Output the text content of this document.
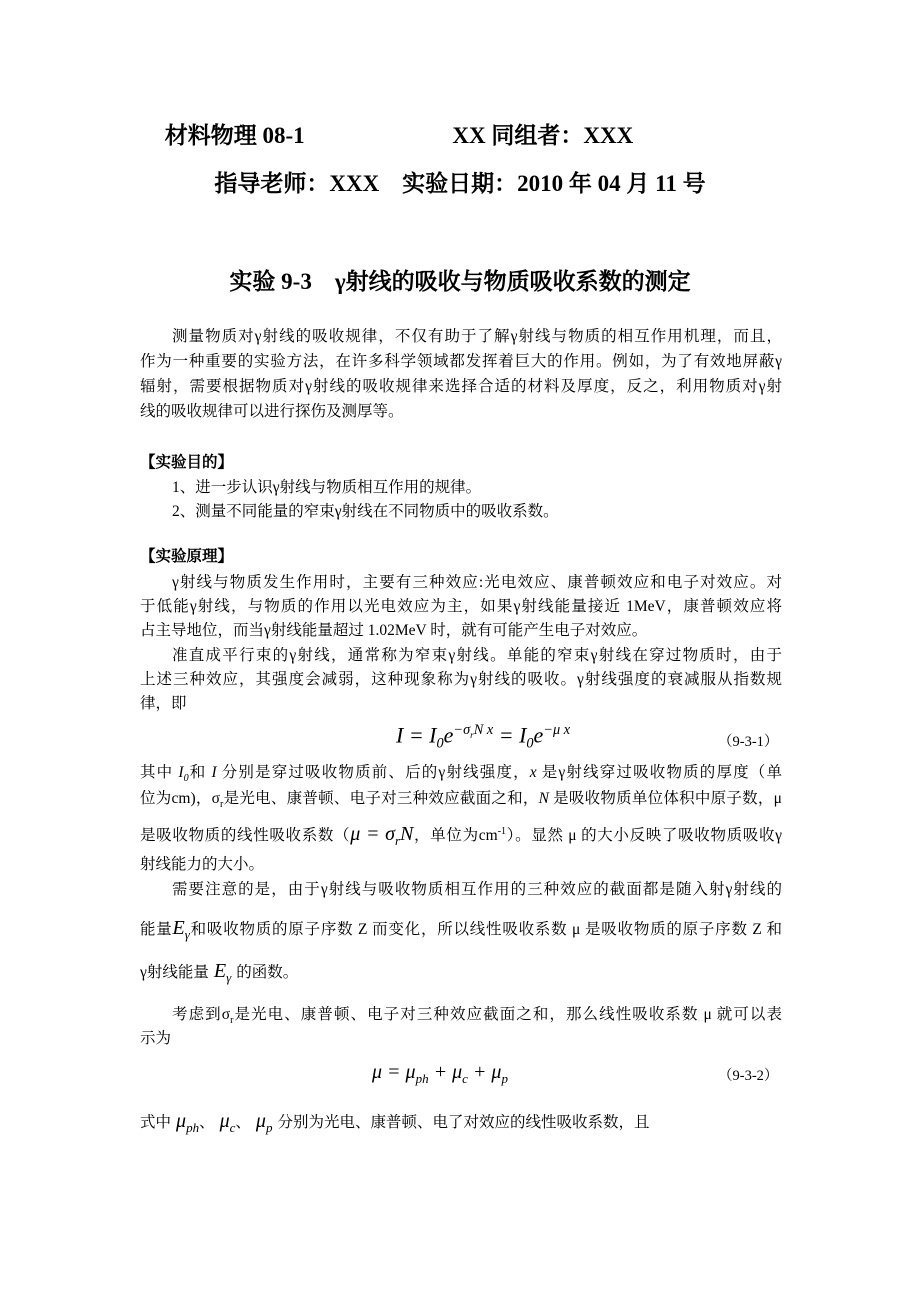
材料物理 08-1	XX 同组者：XXX
指导老师：XXX　实验日期：2010 年 04 月 11 号
实验 9-3　γ射线的吸收与物质吸收系数的测定
测量物质对γ射线的吸收规律，不仅有助于了解γ射线与物质的相互作用机理，而且，
作为一种重要的实验方法，在许多科学领域都发挥着巨大的作用。例如，为了有效地屏蔽γ
辐射，需要根据物质对γ射线的吸收规律来选择合适的材料及厚度，反之，利用物质对γ射
线的吸收规律可以进行探伤及测厚等。
【实验目的】
1、进一步认识γ射线与物质相互作用的规律。
2、测量不同能量的窄束γ射线在不同物质中的吸收系数。
【实验原理】
γ射线与物质发生作用时，主要有三种效应:光电效应、康普顿效应和电子对效应。对
于低能γ射线，与物质的作用以光电效应为主，如果γ射线能量接近 1MeV，康普顿效应将
占主导地位，而当γ射线能量超过 1.02MeV 时，就有可能产生电子对效应。
准直成平行束的γ射线，通常称为窄束γ射线。单能的窄束γ射线在穿过物质时，由于
上述三种效应，其强度会减弱，这种现象称为γ射线的吸收。γ射线强度的衰减服从指数规
律，即
$I = I_0e^{-\sigma_rN x} = I_0e^{-\mu x}$
（9-3-1）
其中 $I_0$和 I 分别是穿过吸收物质前、后的γ射线强度，x 是γ射线穿过吸收物质的厚度（单
位为cm)，$\sigma_r$是光电、康普顿、电子对三种效应截面之和，N 是吸收物质单位体积中原子数，μ
是吸收物质的线性吸收系数（$\mu = \sigma_rN$，单位为$cm^{-1}$）。显然 μ 的大小反映了吸收物质吸收γ
射线能力的大小。
需要注意的是，由于γ射线与吸收物质相互作用的三种效应的截面都是随入射γ射线的
能量$E_\gamma$和吸收物质的原子序数 Z 而变化，所以线性吸收系数 μ 是吸收物质的原子序数 Z 和
γ射线能量 $E_\gamma$ 的函数。
考虑到$\sigma_r$是光电、康普顿、电子对三种效应截面之和，那么线性吸收系数 μ 就可以表
示为
$\mu = \mu_{ph} + \mu_c + \mu_p$	（9-3-2）
式中 $\mu_{ph}$、 $\mu_c$、 $\mu_p$ 分别为光电、康普顿、电了对效应的线性吸收系数，且
